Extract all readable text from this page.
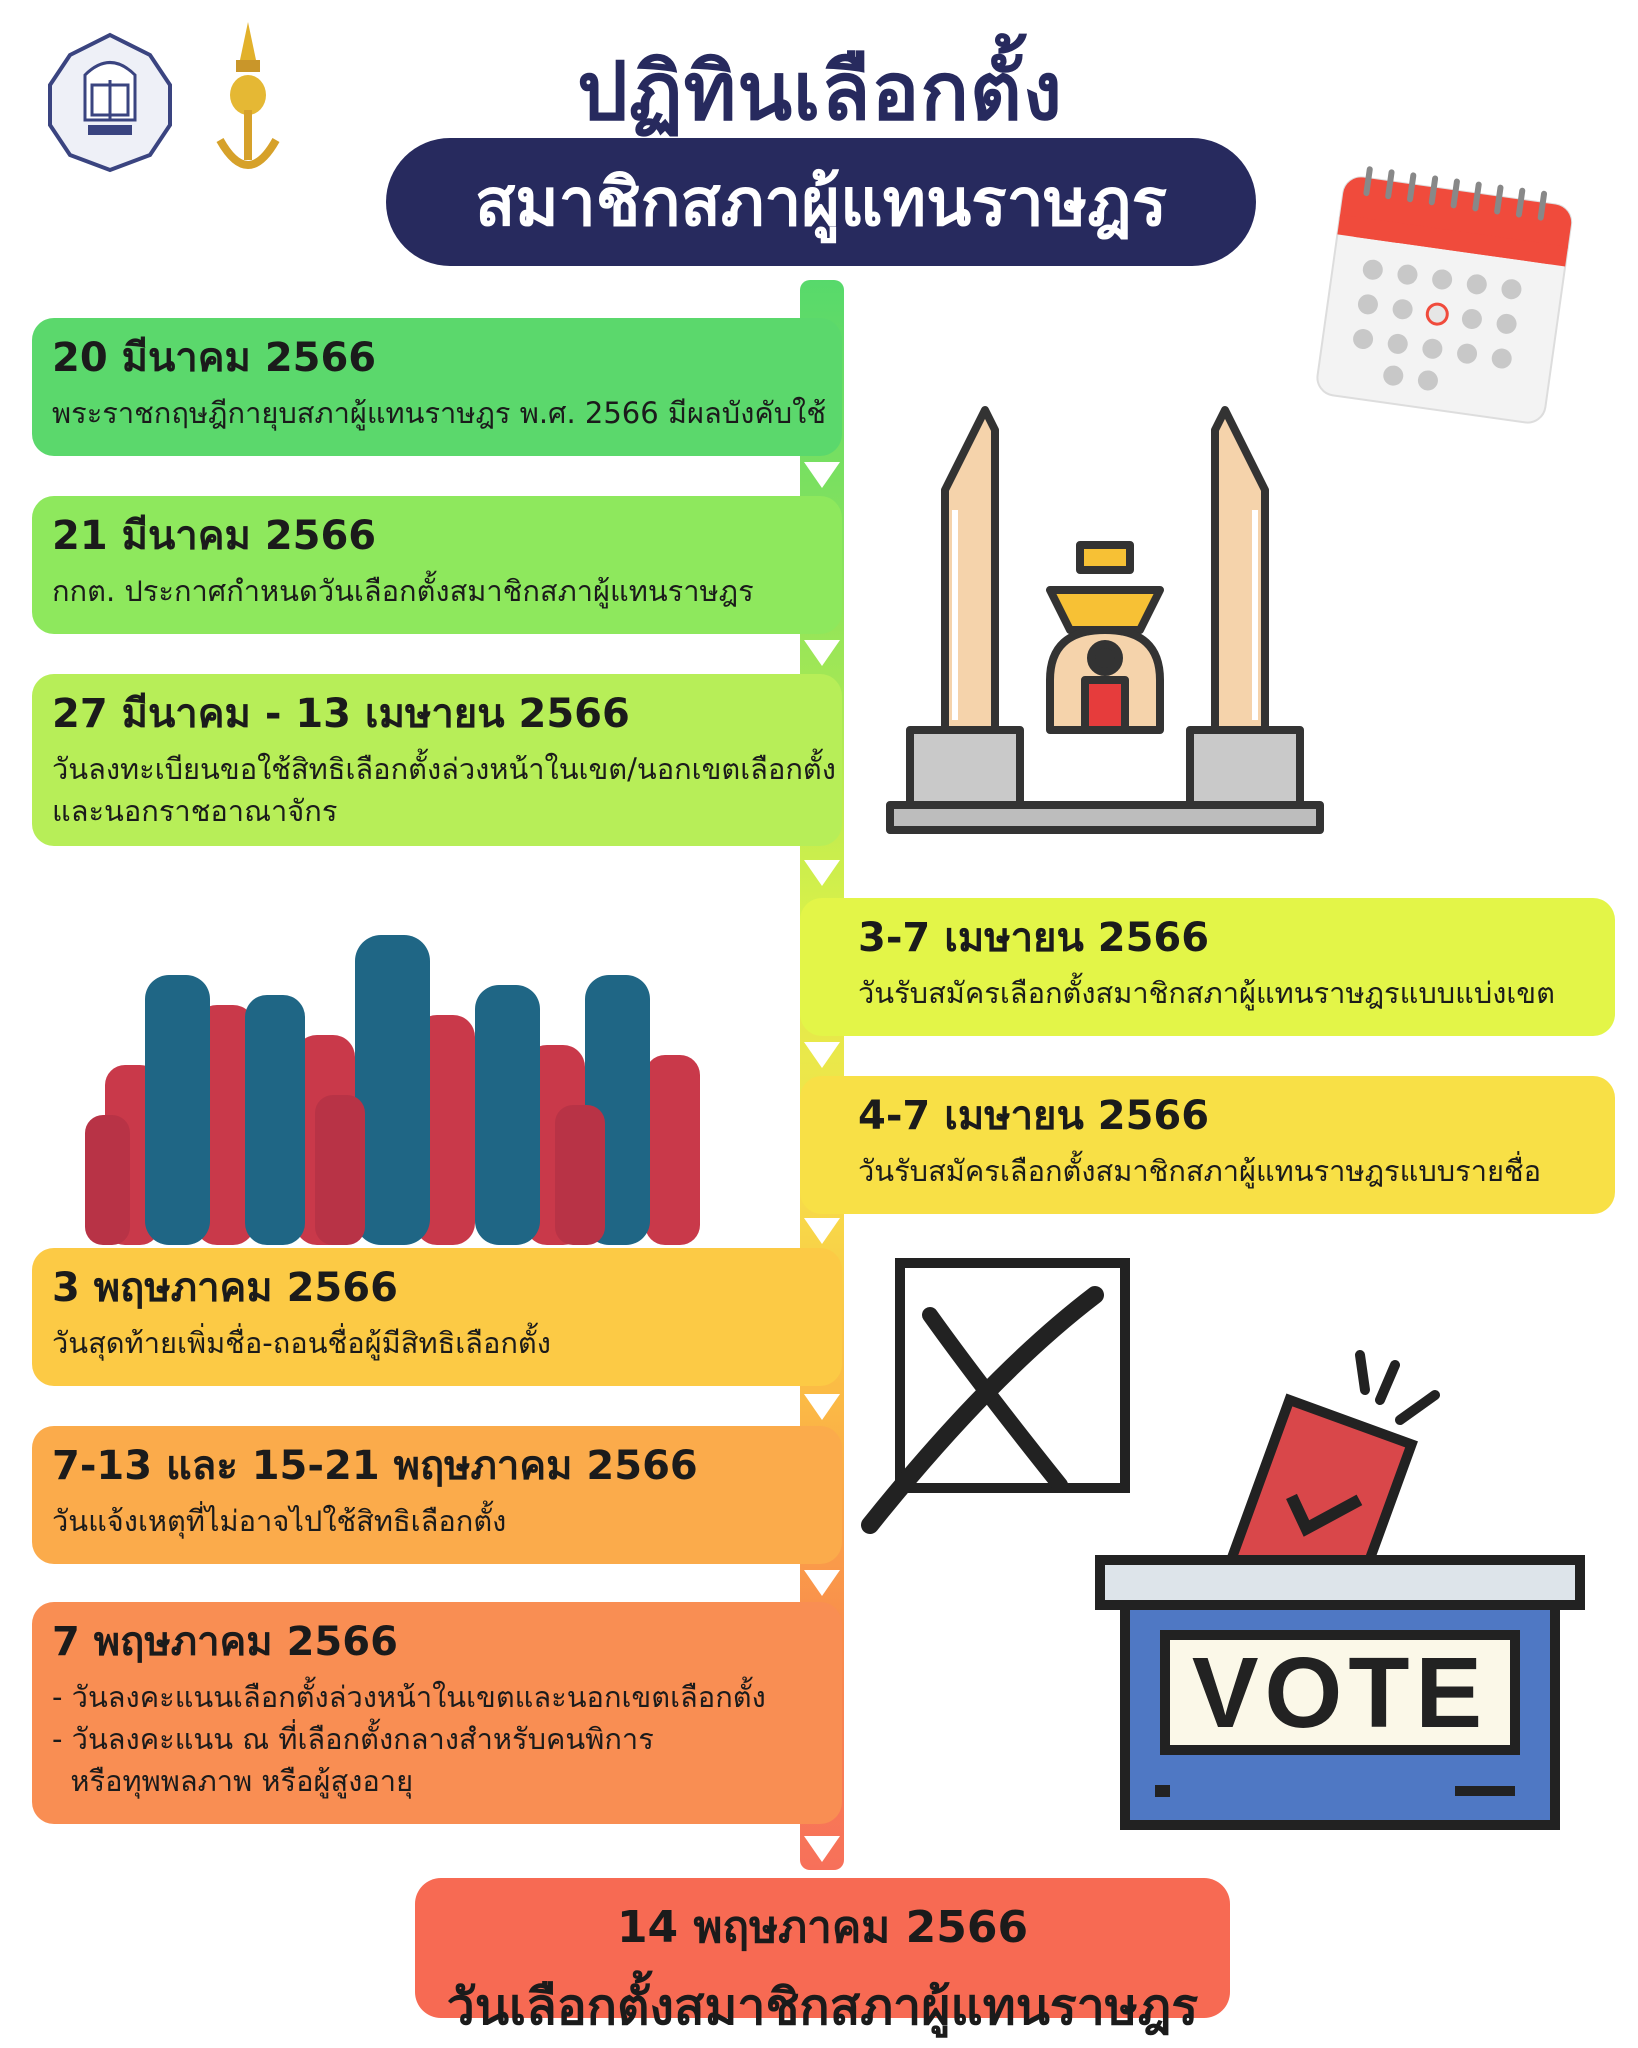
ปฏิทินเลือกตั้ง
สมาชิกสภาผู้แทนราษฎร
20 มีนาคม 2566
พระราชกฤษฎีกายุบสภาผู้แทนราษฎร พ.ศ. 2566 มีผลบังคับใช้
21 มีนาคม 2566
กกต. ประกาศกำหนดวันเลือกตั้งสมาชิกสภาผู้แทนราษฎร
27 มีนาคม - 13 เมษายน 2566
วันลงทะเบียนขอใช้สิทธิเลือกตั้งล่วงหน้าในเขต/นอกเขตเลือกตั้ง
และนอกราชอาณาจักร
3-7 เมษายน 2566
วันรับสมัครเลือกตั้งสมาชิกสภาผู้แทนราษฎรแบบแบ่งเขต
4-7 เมษายน 2566
วันรับสมัครเลือกตั้งสมาชิกสภาผู้แทนราษฎรแบบรายชื่อ
3 พฤษภาคม 2566
วันสุดท้ายเพิ่มชื่อ-ถอนชื่อผู้มีสิทธิเลือกตั้ง
7-13 และ 15-21 พฤษภาคม 2566
วันแจ้งเหตุที่ไม่อาจไปใช้สิทธิเลือกตั้ง
7 พฤษภาคม 2566
- วันลงคะแนนเลือกตั้งล่วงหน้าในเขตและนอกเขตเลือกตั้ง
- วันลงคะแนน ณ ที่เลือกตั้งกลางสำหรับคนพิการ
หรือทุพพลภาพ หรือผู้สูงอายุ
14 พฤษภาคม 2566
วันเลือกตั้งสมาชิกสภาผู้แทนราษฎร
VOTE
